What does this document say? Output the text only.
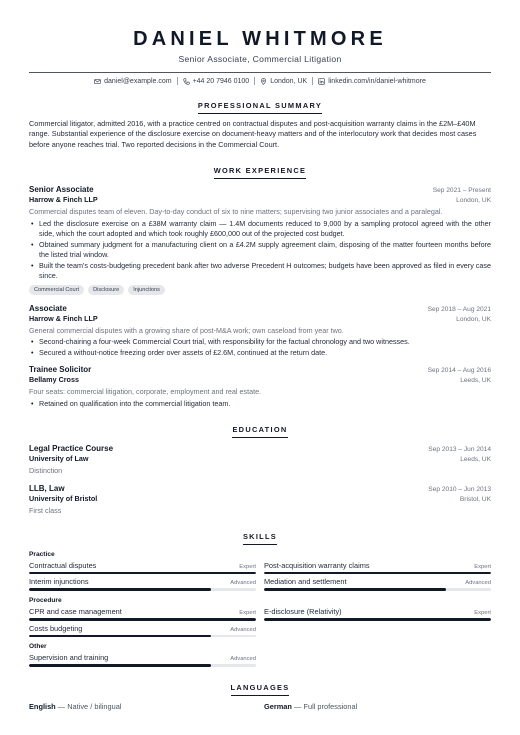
DANIEL WHITMORE
Senior Associate, Commercial Litigation
daniel@example.com	+44 20 7946 0100	London, UK	linkedin.com/in/daniel-whitmore
PROFESSIONAL SUMMARY
Commercial litigator, admitted 2016, with a practice centred on contractual disputes and post-acquisition warranty claims in the £2M–£40M range. Substantial experience of the disclosure exercise on document-heavy matters and of the interlocutory work that decides most cases before anyone reaches trial. Two reported decisions in the Commercial Court.
WORK EXPERIENCE
Senior Associate	Sep 2021 – Present
Harrow & Finch LLP	London, UK
Commercial disputes team of eleven. Day-to-day conduct of six to nine matters; supervising two junior associates and a paralegal.
• Led the disclosure exercise on a £38M warranty claim — 1.4M documents reduced to 9,000 by a sampling protocol agreed with the other side, which the court adopted and which took roughly £600,000 out of the projected cost budget.
• Obtained summary judgment for a manufacturing client on a £4.2M supply agreement claim, disposing of the matter fourteen months before the listed trial window.
• Built the team's costs-budgeting precedent bank after two adverse Precedent H outcomes; budgets have been approved as filed in every case since.
Commercial Court	Disclosure	Injunctions
Associate	Sep 2018 – Aug 2021
Harrow & Finch LLP	London, UK
General commercial disputes with a growing share of post-M&A work; own caseload from year two.
• Second-chairing a four-week Commercial Court trial, with responsibility for the factual chronology and two witnesses.
• Secured a without-notice freezing order over assets of £2.6M, continued at the return date.
Trainee Solicitor	Sep 2014 – Aug 2016
Bellamy Cross	Leeds, UK
Four seats: commercial litigation, corporate, employment and real estate.
• Retained on qualification into the commercial litigation team.
EDUCATION
Legal Practice Course	Sep 2013 – Jun 2014
University of Law	Leeds, UK
Distinction
LLB, Law	Sep 2010 – Jun 2013
University of Bristol	Bristol, UK
First class
SKILLS
Practice
Contractual disputes	Expert Post-acquisition warranty claims	Expert
Interim injunctions	Advanced Mediation and settlement	Advanced
Procedure
CPR and case management	Expert E-disclosure (Relativity)	Expert
Costs budgeting	Advanced
Other
Supervision and training	Advanced
LANGUAGES
English — Native / bilingual	German — Full professional
